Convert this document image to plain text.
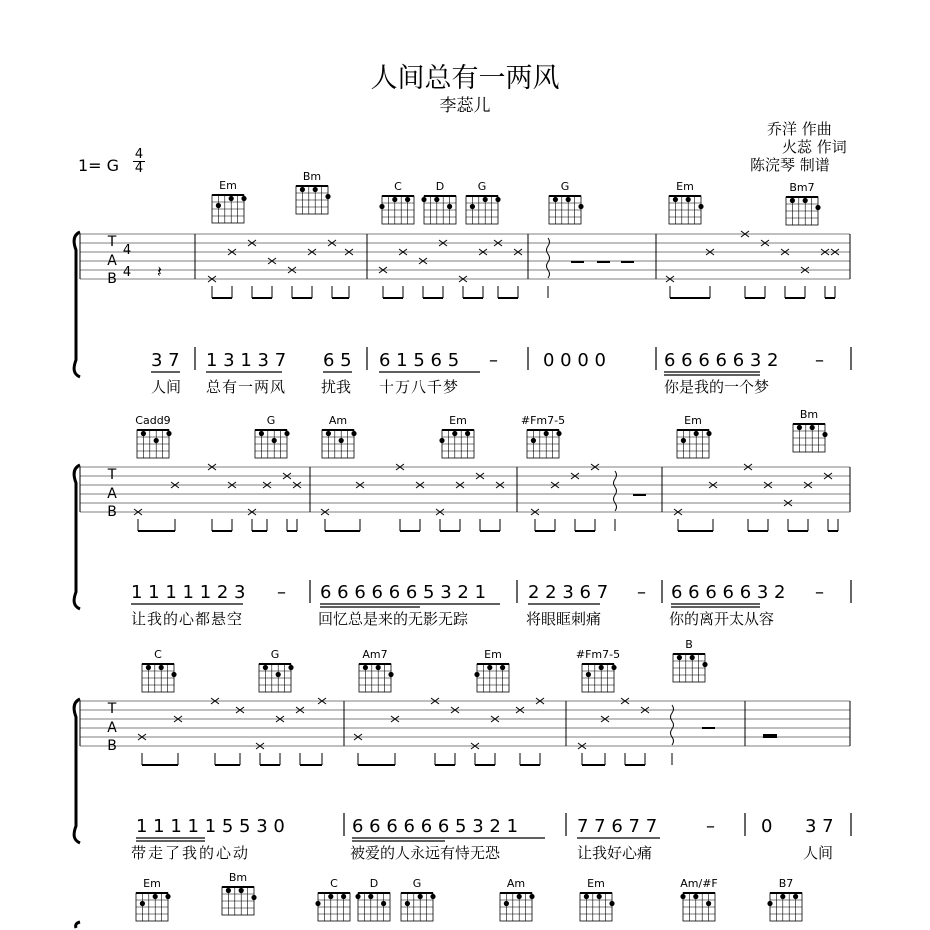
人间总有一两风
李蕊儿
乔洋 作曲
火蕊 作词
陈浣琴 制谱
1= G
4
4
Em
Bm
C	D	G	G	Em	Bm7
Cadd9	G	Am	Em	#Fm7-5	Em	Bm
C	G	Am7	Em	#Fm7-5
B
Em	Bm	C	D	G	Am	Em	Am/#F	B7
T
A
B
T
A
B
T
A
B
4
4 𝄽
3 7 1 3 1 3 7 6 5 6 1 5 6 5 –	0 0 0 0	6 6 6 6 6 3 2 –
1 1 1 1 1 2 3 – 6 6 6 6 6 6 5 3 2 1 2 2 3 6 7 – 6 6 6 6 6 3 2 –
1 1 1 1 1 5 5 3 0	6 6 6 6 6 6 5 3 2 1	7 7 6 7 7	–	0 3 7
人间 总有一两风 扰我 十万八千梦	你是我的一个梦
让我的心都悬空	回忆总是来的无影无踪	将眼眶刺痛	你的离开太从容
带走了我的心动	被爱的人永远有恃无恐	让我好心痛	人间
